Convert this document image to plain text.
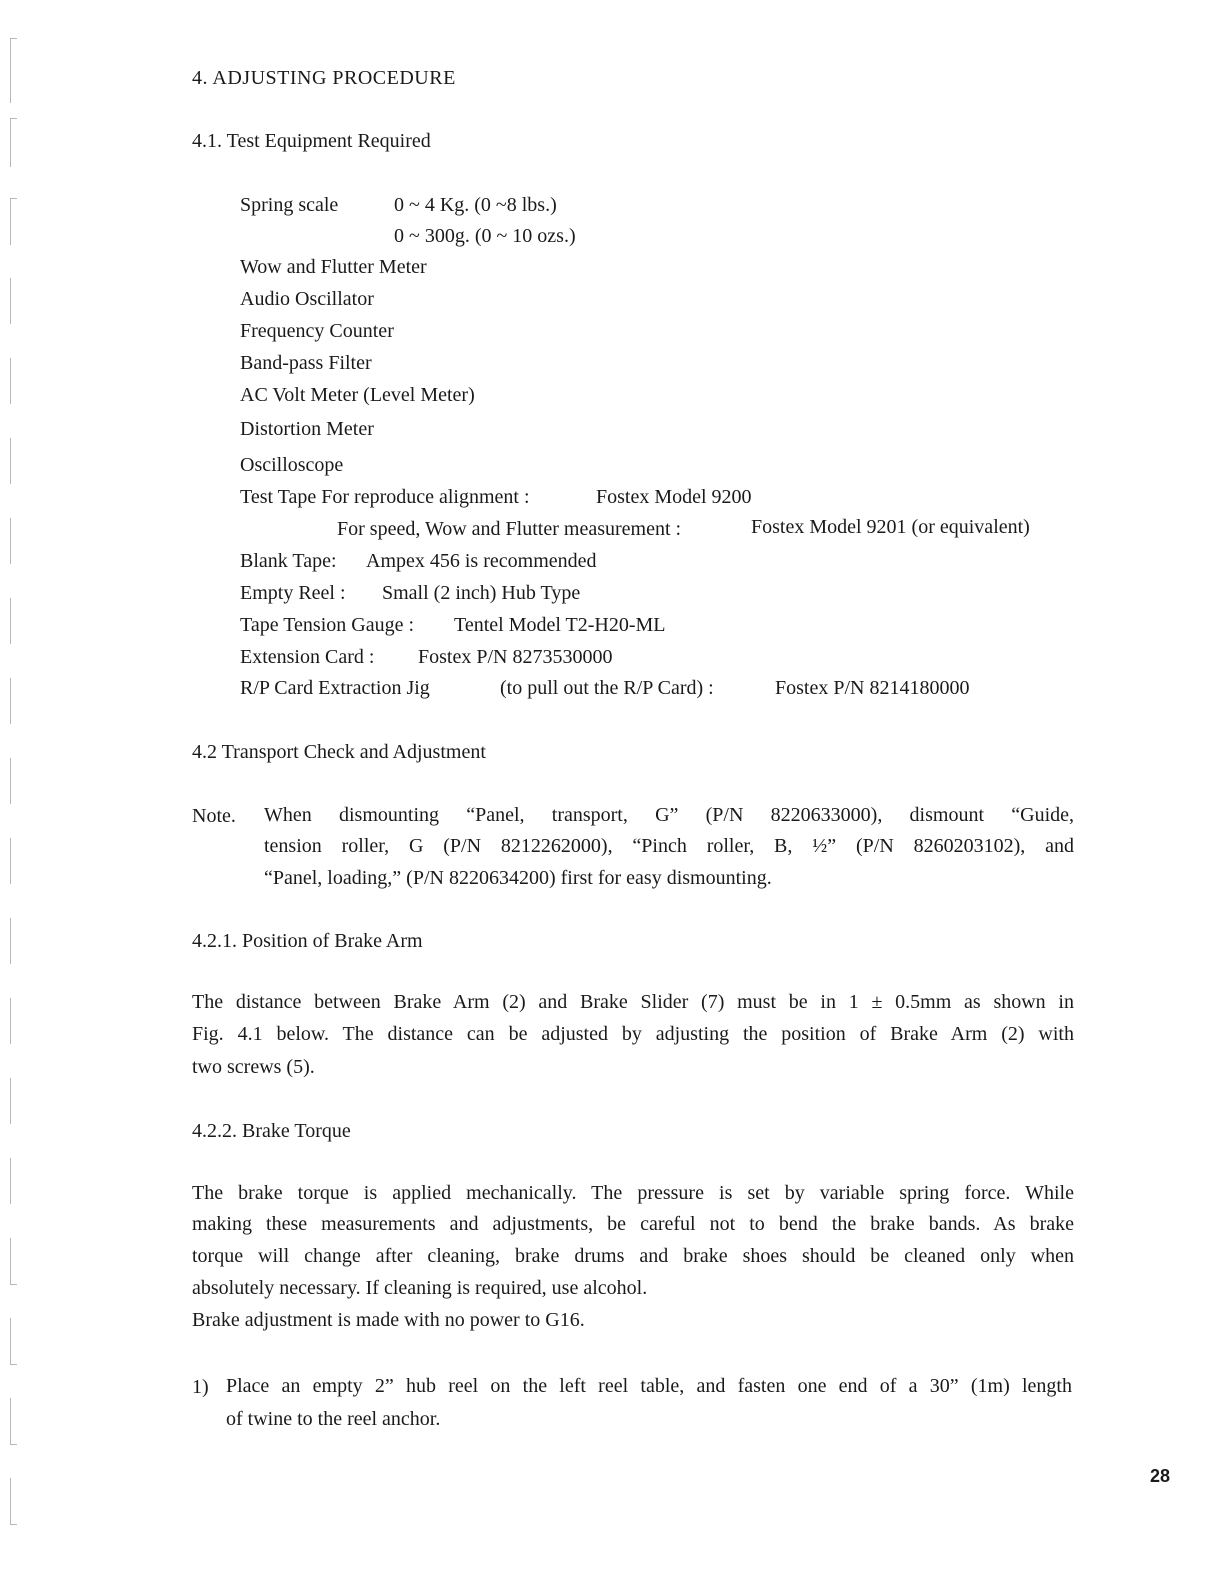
4. ADJUSTING PROCEDURE
4.1. Test Equipment Required
Spring scale	0 ~ 4 Kg. (0 ~8 lbs.)
0 ~ 300g. (0 ~ 10 ozs.)
Wow and Flutter Meter
Audio Oscillator
Frequency Counter
Band-pass Filter
AC Volt Meter (Level Meter)
Distortion Meter
Oscilloscope
Test Tape For reproduce alignment :	Fostex Model 9200
For speed, Wow and Flutter measurement :	Fostex Model 9201 (or equivalent)
Blank Tape: Ampex 456 is recommended
Empty Reel : Small (2 inch) Hub Type
Tape Tension Gauge : Tentel Model T2-H20-ML
Extension Card : Fostex P/N 8273530000
R/P Card Extraction Jig	(to pull out the R/P Card) :	Fostex P/N 8214180000
4.2 Transport Check and Adjustment
Note. When dismounting “Panel, transport, G” (P/N 8220633000), dismount “Guide,
tension roller, G (P/N 8212262000), “Pinch roller, B, ½” (P/N 8260203102), and
“Panel, loading,” (P/N 8220634200) first for easy dismounting.
4.2.1. Position of Brake Arm
The distance between Brake Arm (2) and Brake Slider (7) must be in 1 ± 0.5mm as shown in
Fig. 4.1 below. The distance can be adjusted by adjusting the position of Brake Arm (2) with
two screws (5).
4.2.2. Brake Torque
The brake torque is applied mechanically. The pressure is set by variable spring force. While
making these measurements and adjustments, be careful not to bend the brake bands. As brake
torque will change after cleaning, brake drums and brake shoes should be cleaned only when
absolutely necessary. If cleaning is required, use alcohol.
Brake adjustment is made with no power to G16.
1) Place an empty 2” hub reel on the left reel table, and fasten one end of a 30” (1m) length
of twine to the reel anchor.
28
